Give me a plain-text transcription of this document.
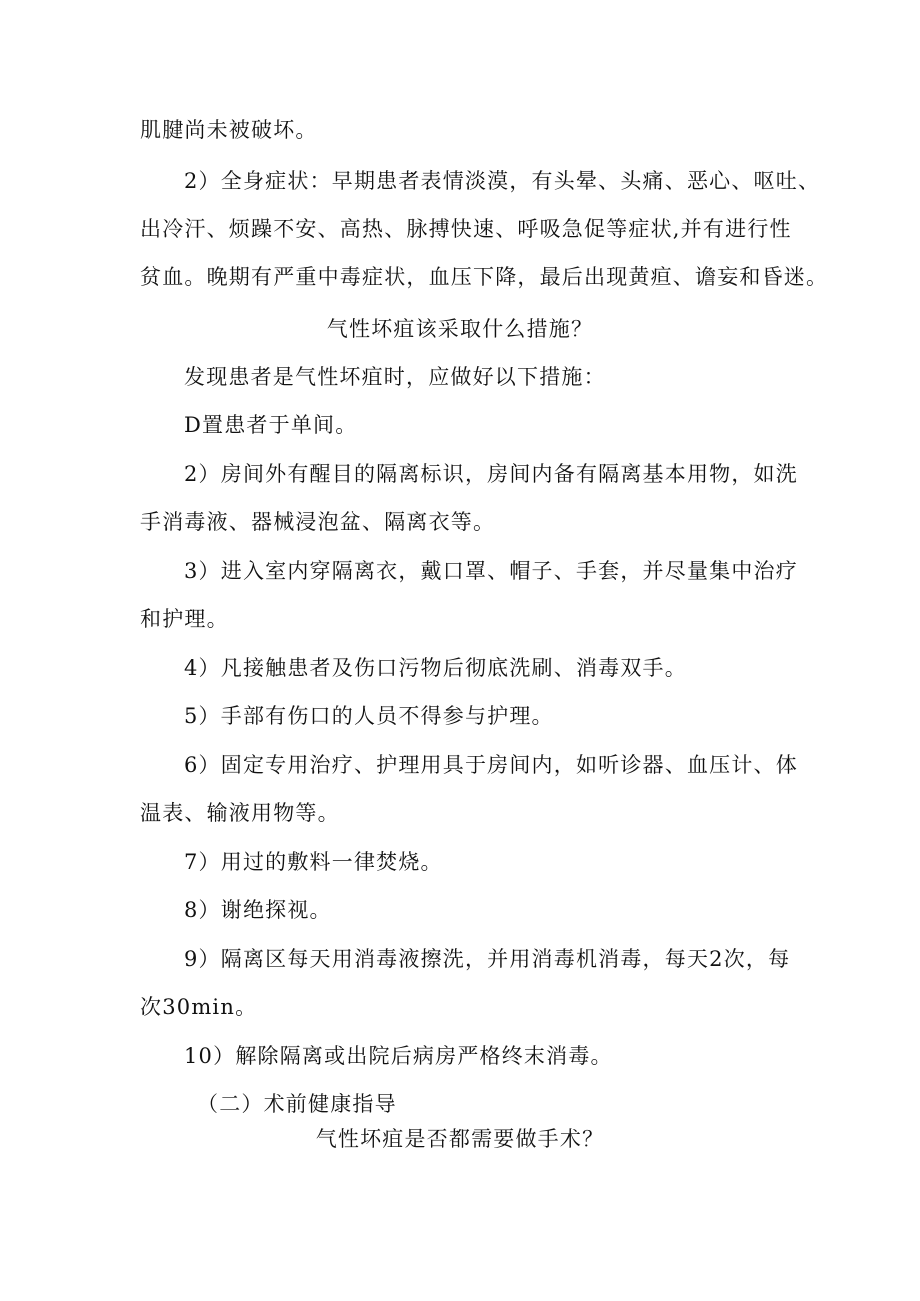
肌腱尚未被破坏。
2）全身症状：早期患者表情淡漠，有头晕、头痛、恶心、呕吐、
出冷汗、烦躁不安、高热、脉搏快速、呼吸急促等症状,并有进行性
贫血。晚期有严重中毒症状，血压下降，最后出现黄疸、谵妄和昏迷。
气性坏疽该采取什么措施？
发现患者是气性坏疽时，应做好以下措施：
D置患者于单间。
2）房间外有醒目的隔离标识，房间内备有隔离基本用物，如洗
手消毒液、器械浸泡盆、隔离衣等。
3）进入室内穿隔离衣，戴口罩、帽子、手套，并尽量集中治疗
和护理。
4）凡接触患者及伤口污物后彻底洗刷、消毒双手。
5）手部有伤口的人员不得参与护理。
6）固定专用治疗、护理用具于房间内，如听诊器、血压计、体
温表、输液用物等。
7）用过的敷料一律焚烧。
8）谢绝探视。
9）隔离区每天用消毒液擦洗，并用消毒机消毒，每天2次，每
次30min。
10）解除隔离或出院后病房严格终末消毒。
（二）术前健康指导
气性坏疽是否都需要做手术？
